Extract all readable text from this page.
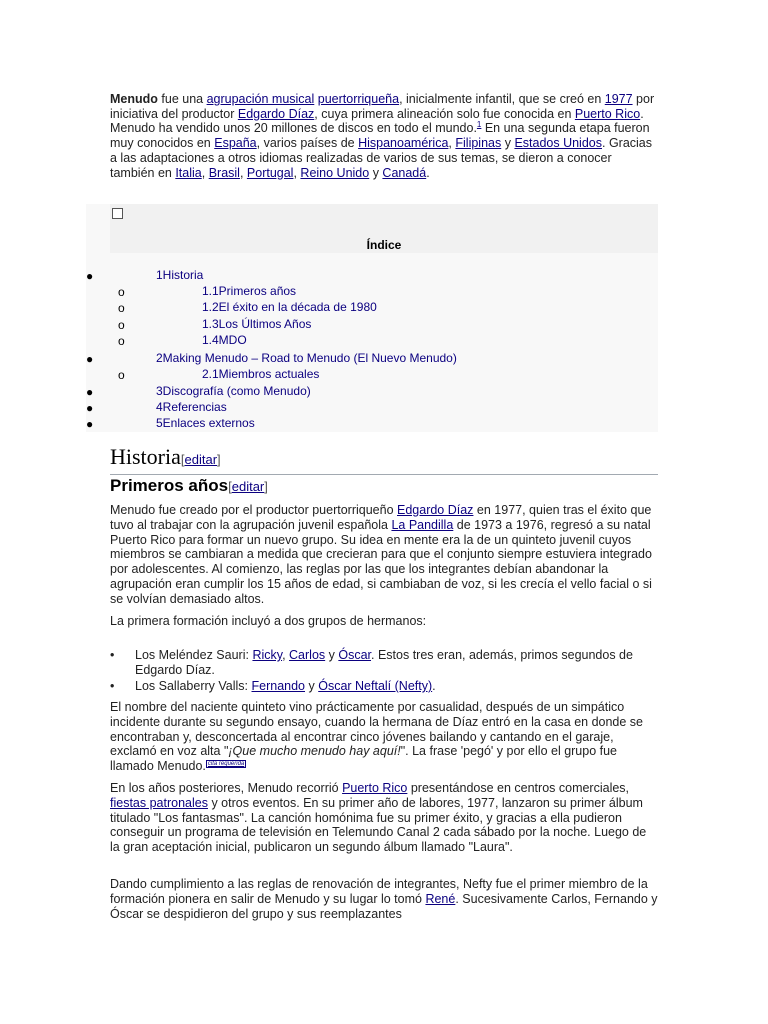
Menudo fue una agrupación musical puertorriqueña, inicialmente infantil, que se creó en 1977 por iniciativa del productor Edgardo Díaz, cuya primera alineación solo fue conocida en Puerto Rico. Menudo ha vendido unos 20 millones de discos en todo el mundo.$^1$ En una segunda etapa fueron muy conocidos en España, varios países de Hispanoamérica, Filipinas y Estados Unidos. Gracias a las adaptaciones a otros idiomas realizadas de varios de sus temas, se dieron a conocer también en Italia, Brasil, Portugal, Reino Unido y Canadá.

Índice
●	1Historia
o	1.1Primeros años
o	1.2El éxito en la década de 1980
o	1.3Los Últimos Años
o	1.4MDO
●	2Making Menudo – Road to Menudo (El Nuevo Menudo)
o	2.1Miembros actuales
●	3Discografía (como Menudo)
●	4Referencias
●	5Enlaces externos
Historia[editar]
Primeros años[editar]

Menudo fue creado por el productor puertorriqueño Edgardo Díaz en 1977, quien tras el éxito que tuvo al trabajar con la agrupación juvenil española La Pandilla de 1973 a 1976, regresó a su natal Puerto Rico para formar un nuevo grupo. Su idea en mente era la de un quinteto juvenil cuyos miembros se cambiaran a medida que crecieran para que el conjunto siempre estuviera integrado por adolescentes. Al comienzo, las reglas por las que los integrantes debían abandonar la agrupación eran cumplir los 15 años de edad, si cambiaban de voz, si les crecía el vello facial o si se volvían demasiado altos.

La primera formación incluyó a dos grupos de hermanos:

• Los Meléndez Sauri: Ricky, Carlos y Óscar. Estos tres eran, además, primos segundos de Edgardo Díaz.
• Los Sallaberry Valls: Fernando y Óscar Neftalí (Nefty).

El nombre del naciente quinteto vino prácticamente por casualidad, después de un simpático incidente durante su segundo ensayo, cuando la hermana de Díaz entró en la casa en donde se encontraban y, desconcertada al encontrar cinco jóvenes bailando y cantando en el garaje, exclamó en voz alta "¡Que mucho menudo hay aquí!". La frase 'pegó' y por ello el grupo fue llamado Menudo. $^{cita requerida}$

En los años posteriores, Menudo recorrió Puerto Rico presentándose en centros comerciales, fiestas patronales y otros eventos. En su primer año de labores, 1977, lanzaron su primer álbum titulado "Los fantasmas". La canción homónima fue su primer éxito, y gracias a ella pudieron conseguir un programa de televisión en Telemundo Canal 2 cada sábado por la noche. Luego de la gran aceptación inicial, publicaron un segundo álbum llamado "Laura".

Dando cumplimiento a las reglas de renovación de integrantes, Nefty fue el primer miembro de la formación pionera en salir de Menudo y su lugar lo tomó René. Sucesivamente Carlos, Fernando y Óscar se despidieron del grupo y sus reemplazantes
